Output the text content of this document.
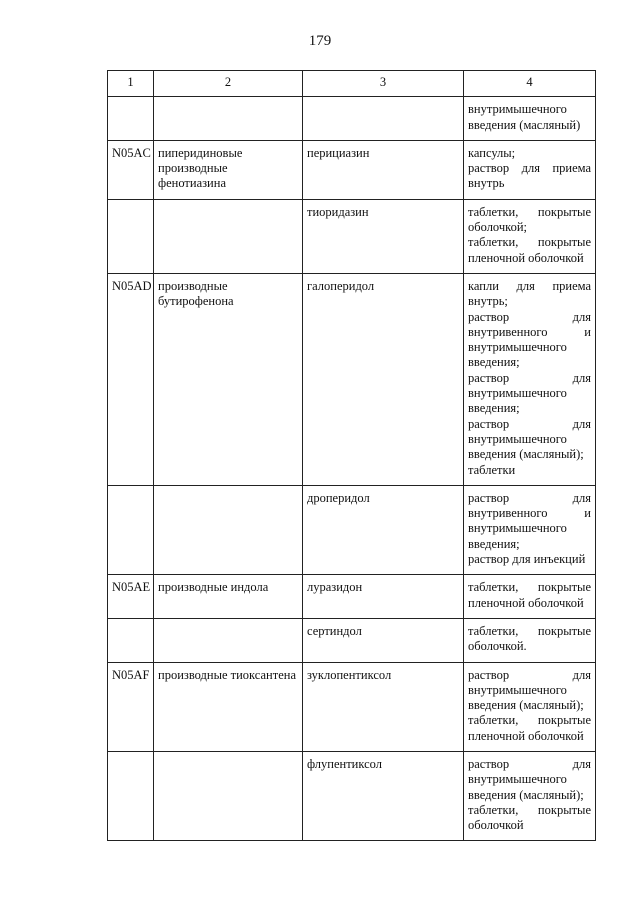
179
1	2	3	4

			внутримышечного введения (масляный)

N05AC	пиперидиновые производные фенотиазина	перициазин	капсулы;
раствор для приема внутрь

		тиоридазин	таблетки, покрытые оболочкой;
таблетки, покрытые пленочной оболочкой

N05AD	производные бутирофенона	галоперидол	капли для приема внутрь;
раствор для внутривенного и внутримышечного введения;
раствор для внутримышечного введения;
раствор для внутримышечного введения (масляный);
таблетки

		дроперидол	раствор для внутривенного и внутримышечного введения;
раствор для инъекций

N05AE	производные индола	луразидон	таблетки, покрытые пленочной оболочкой

		сертиндол	таблетки, покрытые оболочкой.

N05AF	производные тиоксантена	зуклопентиксол	раствор для внутримышечного введения (масляный);
таблетки, покрытые пленочной оболочкой

		флупентиксол	раствор для внутримышечного введения (масляный);
таблетки, покрытые оболочкой
